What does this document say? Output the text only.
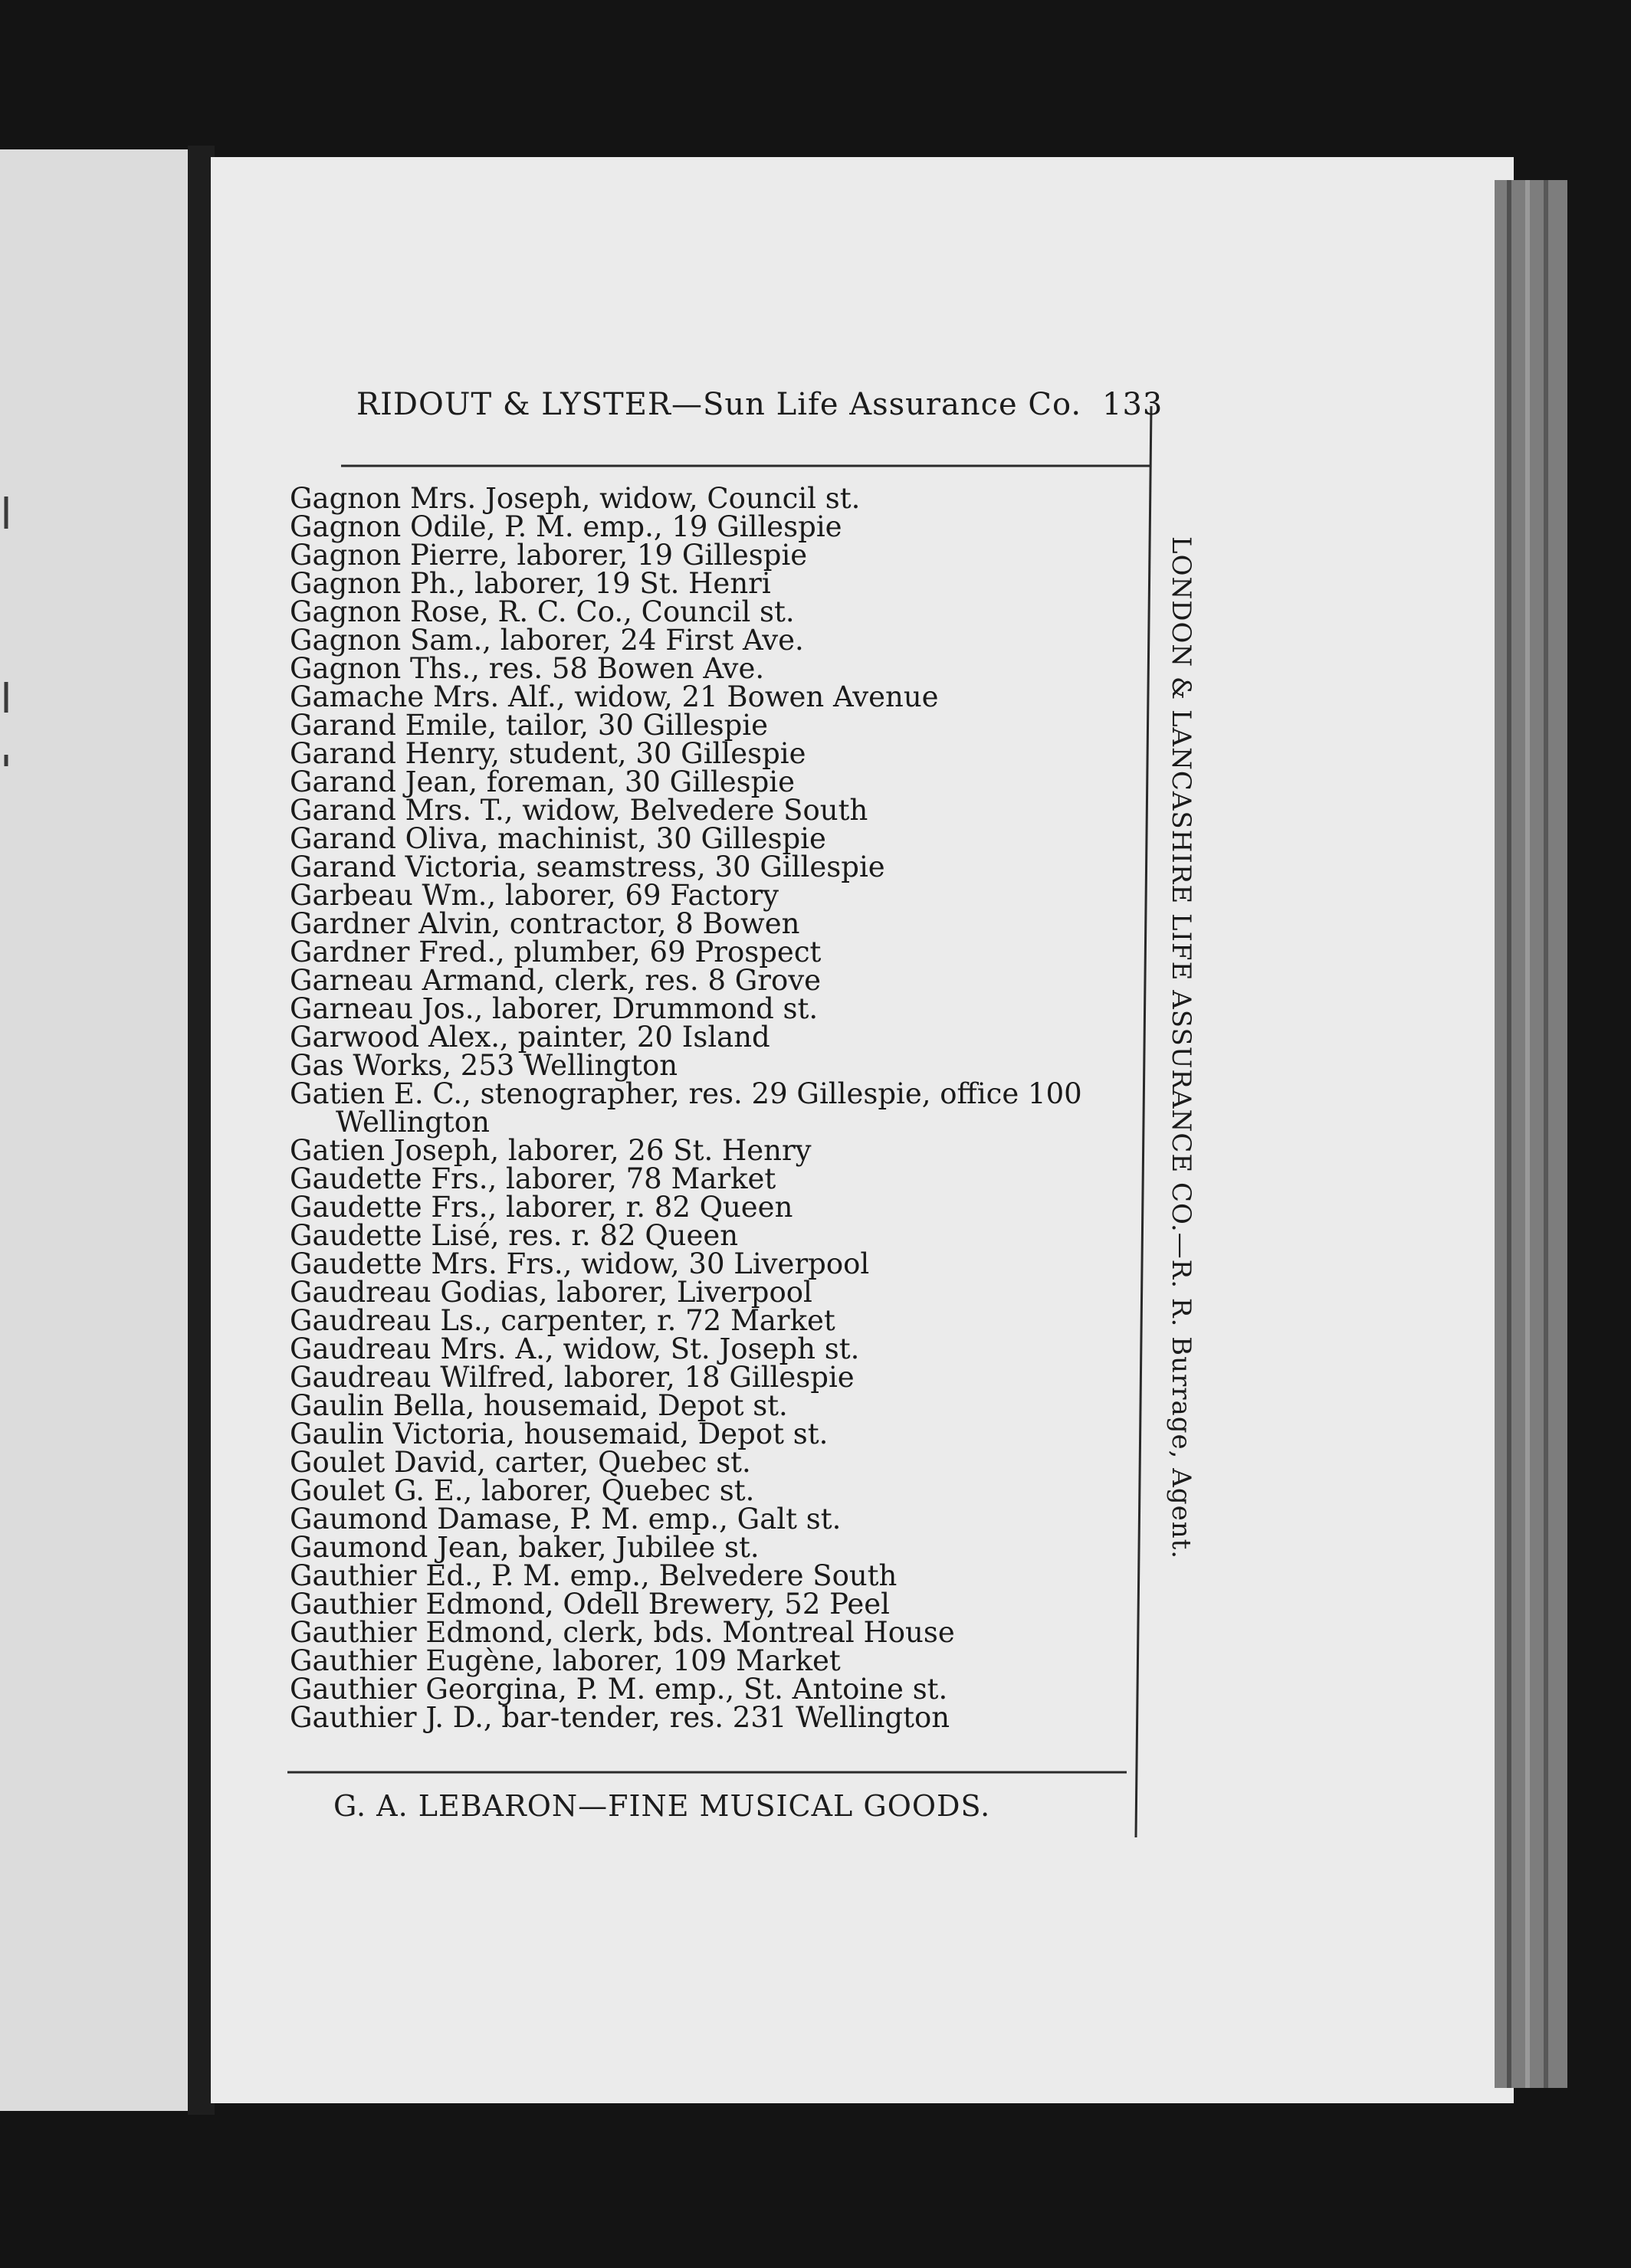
RIDOUT & LYSTER—Sun Life Assurance Co. 133
Gagnon Mrs. Joseph, widow, Council st.
Gagnon Odile, P. M. emp., 19 Gillespie
Gagnon Pierre, laborer, 19 Gillespie
Gagnon Ph., laborer, 19 St. Henri
Gagnon Rose, R. C. Co., Council st.
Gagnon Sam., laborer, 24 First Ave.
Gagnon Ths., res. 58 Bowen Ave.
Gamache Mrs. Alf., widow, 21 Bowen Avenue
Garand Emile, tailor, 30 Gillespie
Garand Henry, student, 30 Gillespie
Garand Jean, foreman, 30 Gillespie
Garand Mrs. T., widow, Belvedere South
Garand Oliva, machinist, 30 Gillespie
Garand Victoria, seamstress, 30 Gillespie
Garbeau Wm., laborer, 69 Factory
Gardner Alvin, contractor, 8 Bowen
Gardner Fred., plumber, 69 Prospect
Garneau Armand, clerk, res. 8 Grove
Garneau Jos., laborer, Drummond st.
Garwood Alex., painter, 20 Island
Gas Works, 253 Wellington
Gatien E. C., stenographer, res. 29 Gillespie, office 100 Wellington
Gatien Joseph, laborer, 26 St. Henry
Gaudette Frs., laborer, 78 Market
Gaudette Frs., laborer, r. 82 Queen
Gaudette Lisé, res. r. 82 Queen
Gaudette Mrs. Frs., widow, 30 Liverpool
Gaudreau Godias, laborer, Liverpool
Gaudreau Ls., carpenter, r. 72 Market
Gaudreau Mrs. A., widow, St. Joseph st.
Gaudreau Wilfred, laborer, 18 Gillespie
Gaulin Bella, housemaid, Depot st.
Gaulin Victoria, housemaid, Depot st.
Goulet David, carter, Quebec st.
Goulet G. E., laborer, Quebec st.
Gaumond Damase, P. M. emp., Galt st.
Gaumond Jean, baker, Jubilee st.
Gauthier Ed., P. M. emp., Belvedere South
Gauthier Edmond, Odell Brewery, 52 Peel
Gauthier Edmond, clerk, bds. Montreal House
Gauthier Eugène, laborer, 109 Market
Gauthier Georgina, P. M. emp., St. Antoine st.
Gauthier J. D., bar-tender, res. 231 Wellington
LONDON & LANCASHIRE LIFE ASSURANCE CO.—R. R. Burrage, Agent.
G. A. LEBARON—FINE MUSICAL GOODS.
